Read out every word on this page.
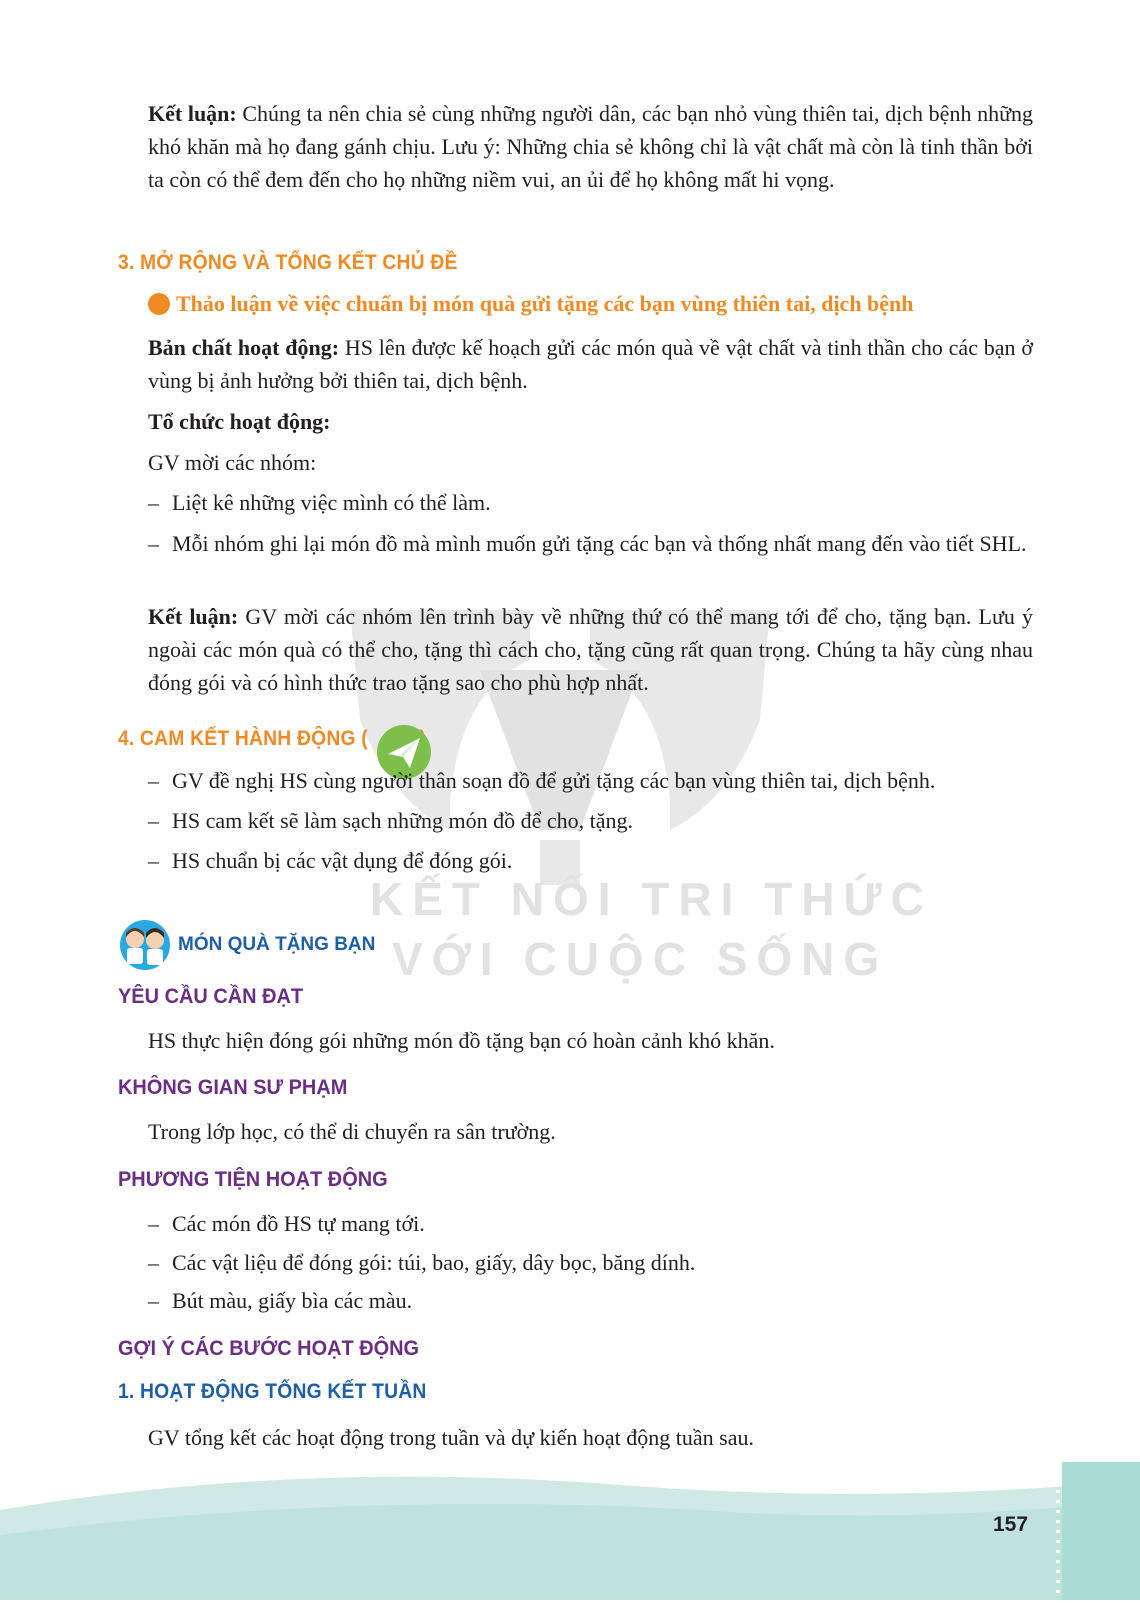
KẾT NỐI TRI THỨC
VỚI CUỘC SỐNG

Kết luận: Chúng ta nên chia sẻ cùng những người dân, các bạn nhỏ vùng thiên tai, dịch bệnh những khó khăn mà họ đang gánh chịu. Lưu ý: Những chia sẻ không chỉ là vật chất mà còn là tinh thần bởi ta còn có thể đem đến cho họ những niềm vui, an ủi để họ không mất hi vọng.

3. MỞ RỘNG VÀ TỔNG KẾT CHỦ ĐỀ
Thảo luận về việc chuẩn bị món quà gửi tặng các bạn vùng thiên tai, dịch bệnh

Bản chất hoạt động: HS lên được kế hoạch gửi các món quà về vật chất và tinh thần cho các bạn ở vùng bị ảnh hưởng bởi thiên tai, dịch bệnh.

Tổ chức hoạt động:

GV mời các nhóm:

– Liệt kê những việc mình có thể làm.
– Mỗi nhóm ghi lại món đồ mà mình muốn gửi tặng các bạn và thống nhất mang đến vào tiết SHL.

Kết luận: GV mời các nhóm lên trình bày về những thứ có thể mang tới để cho, tặng bạn. Lưu ý ngoài các món quà có thể cho, tặng thì cách cho, tặng cũng rất quan trọng. Chúng ta hãy cùng nhau đóng gói và có hình thức trao tặng sao cho phù hợp nhất.

4. CAM KẾT HÀNH ĐỘNG (
– GV đề nghị HS cùng người thân soạn đồ để gửi tặng các bạn vùng thiên tai, dịch bệnh.
– HS cam kết sẽ làm sạch những món đồ để cho, tặng.
– HS chuẩn bị các vật dụng để đóng gói.
MÓN QUÀ TẶNG BẠN
YÊU CẦU CẦN ĐẠT

HS thực hiện đóng gói những món đồ tặng bạn có hoàn cảnh khó khăn.

KHÔNG GIAN SƯ PHẠM

Trong lớp học, có thể di chuyển ra sân trường.

PHƯƠNG TIỆN HOẠT ĐỘNG
– Các món đồ HS tự mang tới.
– Các vật liệu để đóng gói: túi, bao, giấy, dây bọc, băng dính.
– Bút màu, giấy bìa các màu.
GỢI Ý CÁC BƯỚC HOẠT ĐỘNG
1. HOẠT ĐỘNG TỔNG KẾT TUẦN

GV tổng kết các hoạt động trong tuần và dự kiến hoạt động tuần sau.

157
